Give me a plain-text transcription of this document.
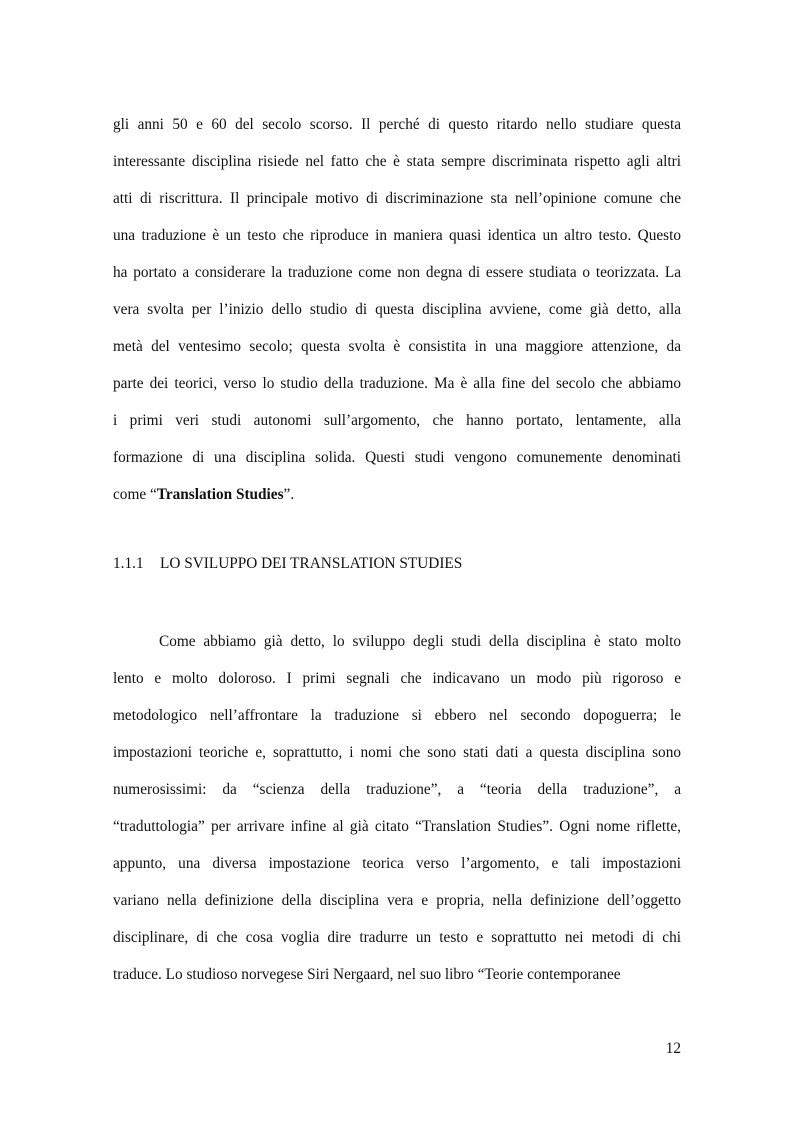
gli anni 50 e 60 del secolo scorso. Il perché di questo ritardo nello studiare questa
interessante disciplina risiede nel fatto che è stata sempre discriminata rispetto agli altri
atti di riscrittura. Il principale motivo di discriminazione sta nell’opinione comune che
una traduzione è un testo che riproduce in maniera quasi identica un altro testo. Questo
ha portato a considerare la traduzione come non degna di essere studiata o teorizzata. La
vera svolta per l’inizio dello studio di questa disciplina avviene, come già detto, alla
metà del ventesimo secolo; questa svolta è consistita in una maggiore attenzione, da
parte dei teorici, verso lo studio della traduzione. Ma è alla fine del secolo che abbiamo
i primi veri studi autonomi sull’argomento, che hanno portato, lentamente, alla
formazione di una disciplina solida. Questi studi vengono comunemente denominati
come “Translation Studies”.

1.1.1 LO SVILUPPO DEI TRANSLATION STUDIES

Come abbiamo già detto, lo sviluppo degli studi della disciplina è stato molto
lento e molto doloroso. I primi segnali che indicavano un modo più rigoroso e
metodologico nell’affrontare la traduzione si ebbero nel secondo dopoguerra; le
impostazioni teoriche e, soprattutto, i nomi che sono stati dati a questa disciplina sono
numerosissimi: da “scienza della traduzione”, a “teoria della traduzione”, a
“traduttologia” per arrivare infine al già citato “Translation Studies”. Ogni nome riflette,
appunto, una diversa impostazione teorica verso l’argomento, e tali impostazioni
variano nella definizione della disciplina vera e propria, nella definizione dell’oggetto
disciplinare, di che cosa voglia dire tradurre un testo e soprattutto nei metodi di chi
traduce. Lo studioso norvegese Siri Nergaard, nel suo libro “Teorie contemporanee

12
